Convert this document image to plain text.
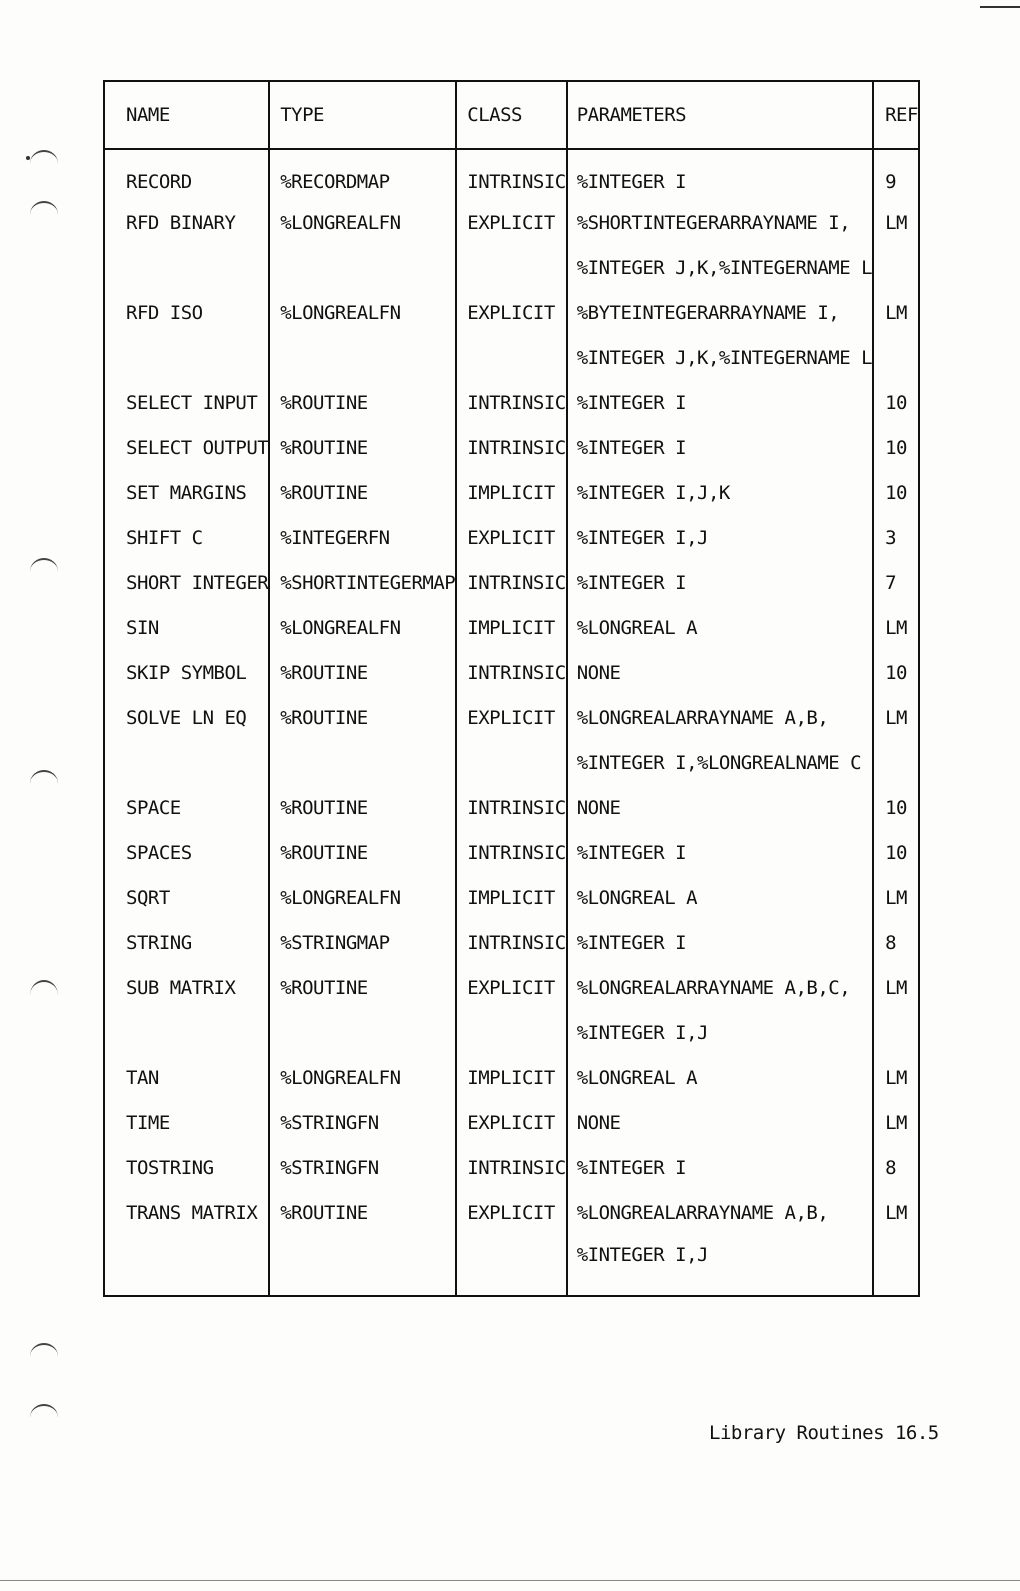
NAME	TYPE	CLASS	PARAMETERS	REF
RECORD	%RECORDMAP	INTRINSIC	%INTEGER I	9
RFD BINARY	%LONGREALFN	EXPLICIT	%SHORTINTEGERARRAYNAME I,	LM
			%INTEGER J,K,%INTEGERNAME L	
RFD ISO	%LONGREALFN	EXPLICIT	%BYTEINTEGERARRAYNAME I,	LM
			%INTEGER J,K,%INTEGERNAME L	
SELECT INPUT	%ROUTINE	INTRINSIC	%INTEGER I	10
SELECT OUTPUT	%ROUTINE	INTRINSIC	%INTEGER I	10
SET MARGINS	%ROUTINE	IMPLICIT	%INTEGER I,J,K	10
SHIFT C	%INTEGERFN	EXPLICIT	%INTEGER I,J	3
SHORT INTEGER	%SHORTINTEGERMAP	INTRINSIC	%INTEGER I	7
SIN	%LONGREALFN	IMPLICIT	%LONGREAL A	LM
SKIP SYMBOL	%ROUTINE	INTRINSIC	NONE	10
SOLVE LN EQ	%ROUTINE	EXPLICIT	%LONGREALARRAYNAME A,B,	LM
			%INTEGER I,%LONGREALNAME C	
SPACE	%ROUTINE	INTRINSIC	NONE	10
SPACES	%ROUTINE	INTRINSIC	%INTEGER I	10
SQRT	%LONGREALFN	IMPLICIT	%LONGREAL A	LM
STRING	%STRINGMAP	INTRINSIC	%INTEGER I	8
SUB MATRIX	%ROUTINE	EXPLICIT	%LONGREALARRAYNAME A,B,C,	LM
			%INTEGER I,J	
TAN	%LONGREALFN	IMPLICIT	%LONGREAL A	LM
TIME	%STRINGFN	EXPLICIT	NONE	LM
TOSTRING	%STRINGFN	INTRINSIC	%INTEGER I	8
TRANS MATRIX	%ROUTINE	EXPLICIT	%LONGREALARRAYNAME A,B,	LM
			%INTEGER I,J	
Library Routines 16.5
